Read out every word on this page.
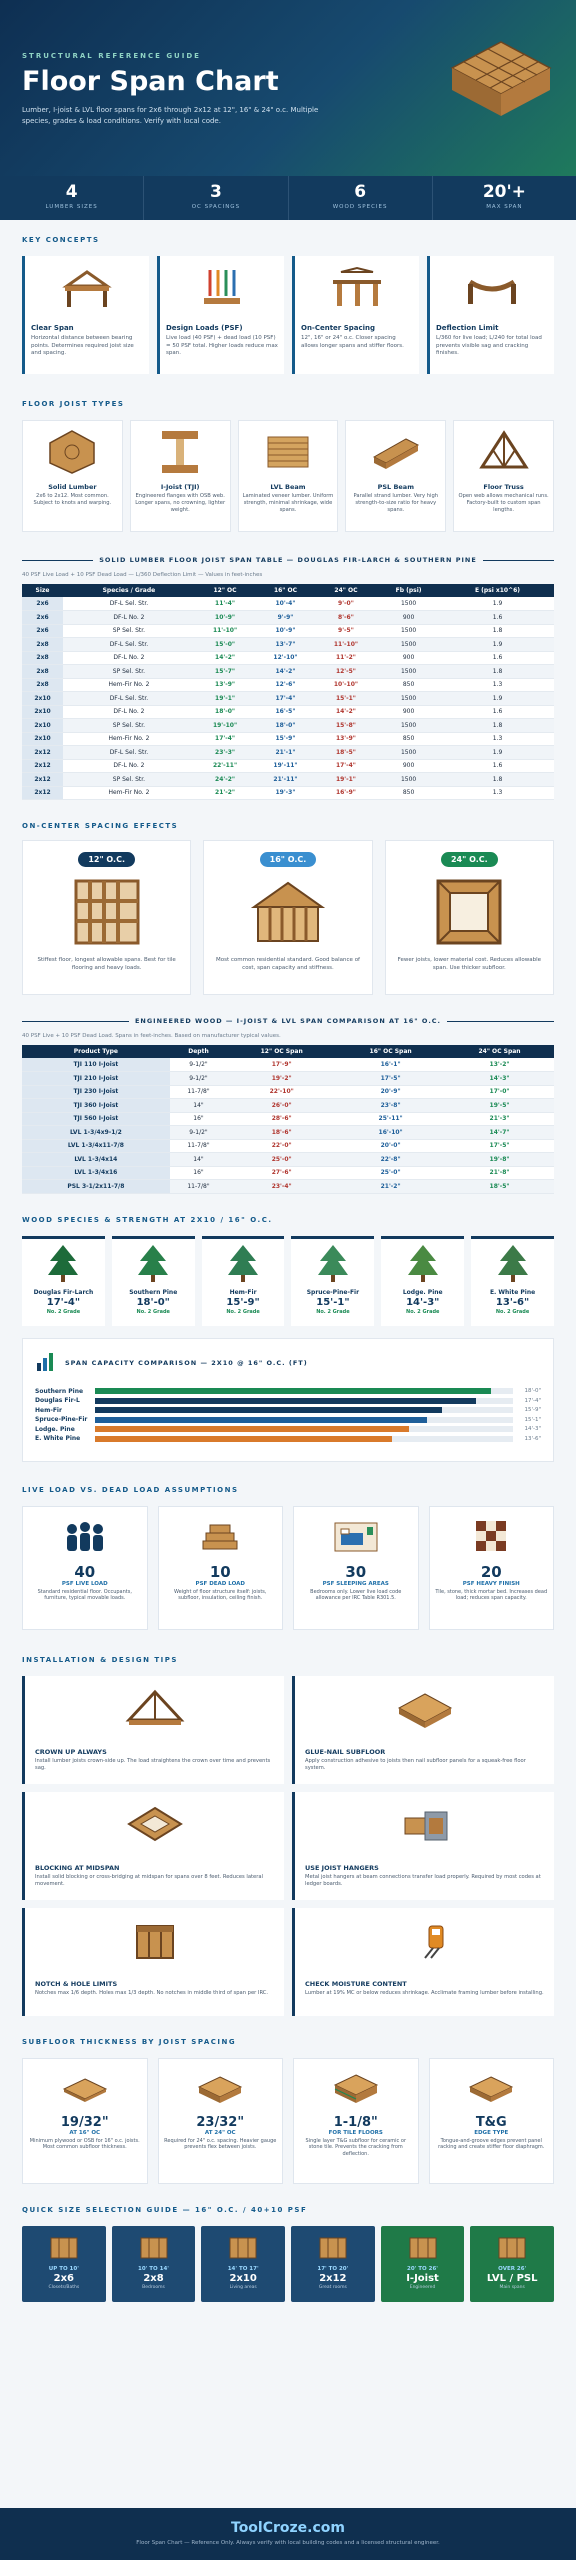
STRUCTURAL REFERENCE GUIDE
Floor Span Chart

Lumber, I-joist & LVL floor spans for 2x6 through 2x12 at 12", 16" & 24" o.c. Multiple species, grades & load conditions. Verify with local code.

4
LUMBER SIZES
3
OC SPACINGS
6
WOOD SPECIES
20'+
MAX SPAN
KEY CONCEPTS
Clear Span
Horizontal distance between bearing points. Determines required joist size and spacing.
Design Loads (PSF)
Live load (40 PSF) + dead load (10 PSF) = 50 PSF total. Higher loads reduce max span.
On-Center Spacing
12", 16" or 24" o.c. Closer spacing allows longer spans and stiffer floors.
Deflection Limit
L/360 for live load; L/240 for total load prevents visible sag and cracking finishes.
FLOOR JOIST TYPES
Solid Lumber
2x6 to 2x12. Most common. Subject to knots and warping.
I-Joist (TJI)
Engineered flanges with OSB web. Longer spans, no crowning, lighter weight.
LVL Beam
Laminated veneer lumber. Uniform strength, minimal shrinkage, wide spans.
PSL Beam
Parallel strand lumber. Very high strength-to-size ratio for heavy spans.
Floor Truss
Open web allows mechanical runs. Factory-built to custom span lengths.
SOLID LUMBER FLOOR JOIST SPAN TABLE — DOUGLAS FIR-LARCH & SOUTHERN PINE
40 PSF Live Load + 10 PSF Dead Load — L/360 Deflection Limit — Values in feet-inches
Size	Species / Grade	12" OC	16" OC	24" OC	Fb (psi)	E (psi x10^6)
2x6	DF-L Sel. Str.	11'-4"	10'-4"	9'-0"	1500	1.9
2x6	DF-L No. 2	10'-9"	9'-9"	8'-6"	900	1.6
2x6	SP Sel. Str.	11'-10"	10'-9"	9'-5"	1500	1.8
2x8	DF-L Sel. Str.	15'-0"	13'-7"	11'-10"	1500	1.9
2x8	DF-L No. 2	14'-2"	12'-10"	11'-2"	900	1.6
2x8	SP Sel. Str.	15'-7"	14'-2"	12'-5"	1500	1.8
2x8	Hem-Fir No. 2	13'-9"	12'-6"	10'-10"	850	1.3
2x10	DF-L Sel. Str.	19'-1"	17'-4"	15'-1"	1500	1.9
2x10	DF-L No. 2	18'-0"	16'-5"	14'-2"	900	1.6
2x10	SP Sel. Str.	19'-10"	18'-0"	15'-8"	1500	1.8
2x10	Hem-Fir No. 2	17'-4"	15'-9"	13'-9"	850	1.3
2x12	DF-L Sel. Str.	23'-3"	21'-1"	18'-5"	1500	1.9
2x12	DF-L No. 2	22'-11"	19'-11"	17'-4"	900	1.6
2x12	SP Sel. Str.	24'-2"	21'-11"	19'-1"	1500	1.8
2x12	Hem-Fir No. 2	21'-2"	19'-3"	16'-9"	850	1.3
ON-CENTER SPACING EFFECTS
12" O.C.
Stiffest floor, longest allowable spans. Best for tile flooring and heavy loads.
16" O.C.
Most common residential standard. Good balance of cost, span capacity and stiffness.
24" O.C.
Fewer joists, lower material cost. Reduces allowable span. Use thicker subfloor.
ENGINEERED WOOD — I-JOIST & LVL SPAN COMPARISON AT 16" O.C.
40 PSF Live + 10 PSF Dead Load. Spans in feet-inches. Based on manufacturer typical values.
Product Type	Depth	12" OC Span	16" OC Span	24" OC Span
TJI 110 I-Joist	9-1/2"	17'-9"	16'-1"	13'-2"
TJI 210 I-Joist	9-1/2"	19'-2"	17'-5"	14'-3"
TJI 230 I-Joist	11-7/8"	22'-10"	20'-9"	17'-0"
TJI 360 I-Joist	14"	26'-0"	23'-8"	19'-5"
TJI 560 I-Joist	16"	28'-6"	25'-11"	21'-3"
LVL 1-3/4x9-1/2	9-1/2"	18'-6"	16'-10"	14'-7"
LVL 1-3/4x11-7/8	11-7/8"	22'-0"	20'-0"	17'-5"
LVL 1-3/4x14	14"	25'-0"	22'-8"	19'-8"
LVL 1-3/4x16	16"	27'-6"	25'-0"	21'-8"
PSL 3-1/2x11-7/8	11-7/8"	23'-4"	21'-2"	18'-5"
WOOD SPECIES & STRENGTH AT 2X10 / 16" O.C.
Douglas Fir-Larch
17'-4"
No. 2 Grade
Southern Pine
18'-0"
No. 2 Grade
Hem-Fir
15'-9"
No. 2 Grade
Spruce-Pine-Fir
15'-1"
No. 2 Grade
Lodge. Pine
14'-3"
No. 2 Grade
E. White Pine
13'-6"
No. 2 Grade
SPAN CAPACITY COMPARISON — 2X10 @ 16" O.C. (FT)
Southern Pine	18'-0"
Douglas Fir-L	17'-4"
Hem-Fir	15'-9"
Spruce-Pine-Fir	15'-1"
Lodge. Pine	14'-3"
E. White Pine	13'-6"
LIVE LOAD VS. DEAD LOAD ASSUMPTIONS
40
PSF LIVE LOAD
Standard residential floor. Occupants, furniture, typical movable loads.
10
PSF DEAD LOAD
Weight of floor structure itself: joists, subfloor, insulation, ceiling finish.
30
PSF SLEEPING AREAS
Bedrooms only. Lower live load code allowance per IRC Table R301.5.
20
PSF HEAVY FINISH
Tile, stone, thick mortar bed. Increases dead load; reduces span capacity.
INSTALLATION & DESIGN TIPS
CROWN UP ALWAYS
Install lumber joists crown-side up. The load straightens the crown over time and prevents sag.
GLUE-NAIL SUBFLOOR
Apply construction adhesive to joists then nail subfloor panels for a squeak-free floor system.
BLOCKING AT MIDSPAN
Install solid blocking or cross-bridging at midspan for spans over 8 feet. Reduces lateral movement.
USE JOIST HANGERS
Metal joist hangers at beam connections transfer load properly. Required by most codes at ledger boards.
NOTCH & HOLE LIMITS
Notches max 1/6 depth. Holes max 1/3 depth. No notches in middle third of span per IRC.
CHECK MOISTURE CONTENT
Lumber at 19% MC or below reduces shrinkage. Acclimate framing lumber before installing.
SUBFLOOR THICKNESS BY JOIST SPACING
19/32"
AT 16" OC
Minimum plywood or OSB for 16" o.c. joists. Most common subfloor thickness.
23/32"
AT 24" OC
Required for 24" o.c. spacing. Heavier gauge prevents flex between joists.
1-1/8"
FOR TILE FLOORS
Single layer T&G subfloor for ceramic or stone tile. Prevents the cracking from deflection.
T&G
EDGE TYPE
Tongue-and-groove edges prevent panel racking and create stiffer floor diaphragm.
QUICK SIZE SELECTION GUIDE — 16" O.C. / 40+10 PSF
UP TO 10'
2x6
Closets/Baths
10' TO 14'
2x8
Bedrooms
14' TO 17'
2x10
Living areas
17' TO 20'
2x12
Great rooms
20' TO 26'
I-Joist
Engineered
OVER 26'
LVL / PSL
Main spans
ToolCroze.com
Floor Span Chart — Reference Only. Always verify with local building codes and a licensed structural engineer.
